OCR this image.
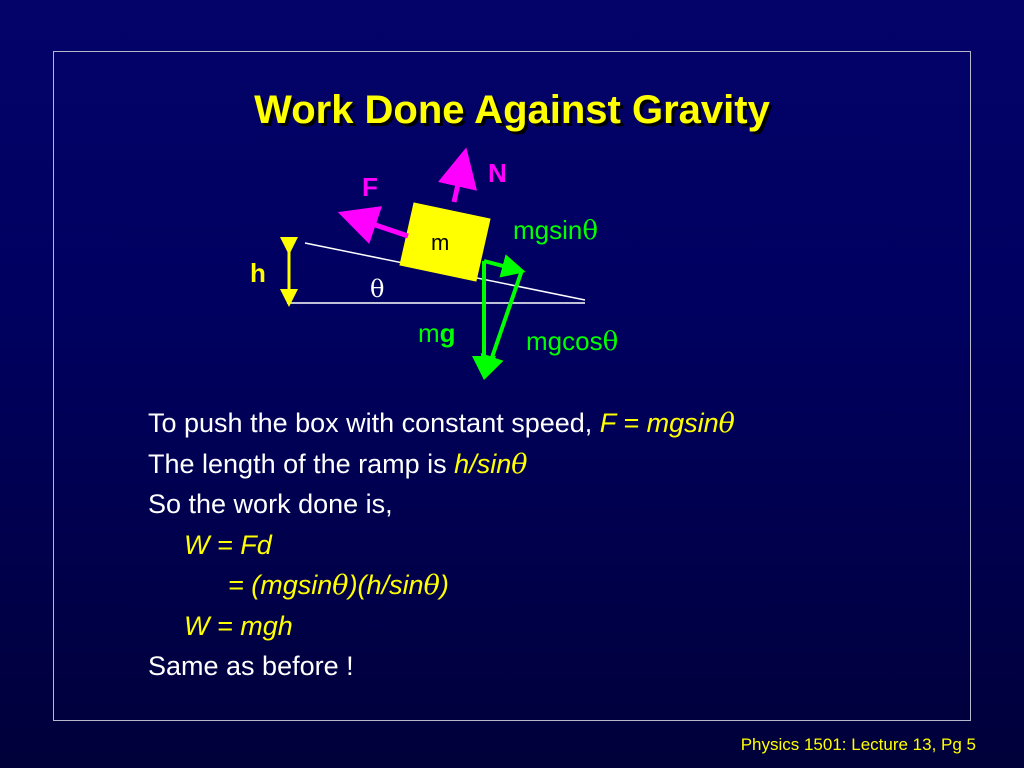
Work Done Against Gravity
m
F	N
h
θ
mg
mgsinθ
mgcosθ
To push the box with constant speed, F = mgsinθ
The length of the ramp is h/sinθ
So the work done is,
W = Fd
= (mgsinθ)(h/sinθ)
W = mgh
Same as before !
Physics 1501: Lecture 13, Pg 5
